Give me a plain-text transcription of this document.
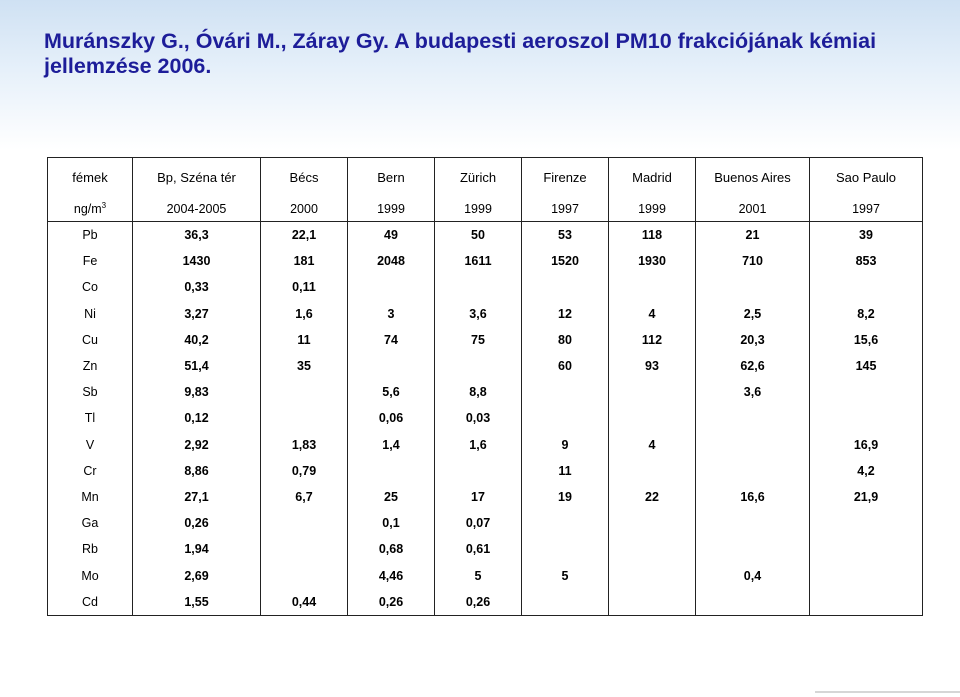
Muránszky G., Óvári M., Záray Gy. A budapesti aeroszol PM10 frakciójának kémiai jellemzése 2006.
fémek	Bp, Széna tér	Bécs	Bern	Zürich	Firenze	Madrid	Buenos Aires	Sao Paulo
$ng/m^3$	2004-2005	2000	1999	1999	1997	1999	2001	1997
Pb	36,3	22,1	49	50	53	118	21	39
Fe	1430	181	2048	1611	1520	1930	710	853
Co	0,33	0,11						
Ni	3,27	1,6	3	3,6	12	4	2,5	8,2
Cu	40,2	11	74	75	80	112	20,3	15,6
Zn	51,4	35			60	93	62,6	145
Sb	9,83		5,6	8,8			3,6	
Tl	0,12		0,06	0,03				
V	2,92	1,83	1,4	1,6	9	4		16,9
Cr	8,86	0,79			11			4,2
Mn	27,1	6,7	25	17	19	22	16,6	21,9
Ga	0,26		0,1	0,07				
Rb	1,94		0,68	0,61				
Mo	2,69		4,46	5	5		0,4	
Cd	1,55	0,44	0,26	0,26				
